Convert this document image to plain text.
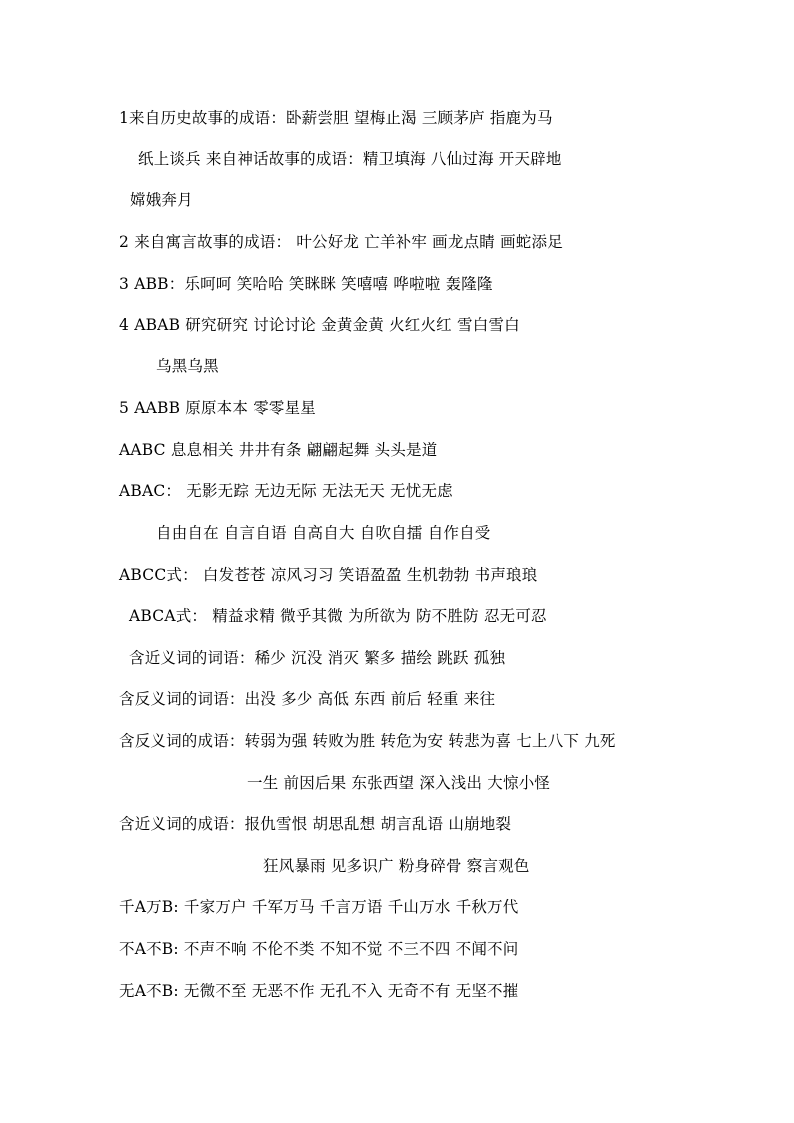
1来自历史故事的成语：卧薪尝胆 望梅止渴 三顾茅庐 指鹿为马
纸上谈兵 来自神话故事的成语：精卫填海 八仙过海 开天辟地
嫦娥奔月
2 来自寓言故事的成语： 叶公好龙 亡羊补牢 画龙点睛 画蛇添足
3 ABB：乐呵呵 笑哈哈 笑眯眯 笑嘻嘻 哗啦啦 轰隆隆
4 ABAB 研究研究 讨论讨论 金黄金黄 火红火红 雪白雪白
乌黑乌黑
5 AABB 原原本本 零零星星
AABC 息息相关 井井有条 翩翩起舞 头头是道
ABAC： 无影无踪 无边无际 无法无天 无忧无虑
自由自在 自言自语 自高自大 自吹自擂 自作自受
ABCC式： 白发苍苍 凉风习习 笑语盈盈 生机勃勃 书声琅琅
ABCA式： 精益求精 微乎其微 为所欲为 防不胜防 忍无可忍
含近义词的词语：稀少 沉没 消灭 繁多 描绘 跳跃 孤独
含反义词的词语：出没 多少 高低 东西 前后 轻重 来往
含反义词的成语：转弱为强 转败为胜 转危为安 转悲为喜 七上八下 九死
一生 前因后果 东张西望 深入浅出 大惊小怪
含近义词的成语：报仇雪恨 胡思乱想 胡言乱语 山崩地裂
狂风暴雨 见多识广 粉身碎骨 察言观色
千A万B: 千家万户 千军万马 千言万语 千山万水 千秋万代
不A不B: 不声不响 不伦不类 不知不觉 不三不四 不闻不问
无A不B: 无微不至 无恶不作 无孔不入 无奇不有 无坚不摧
